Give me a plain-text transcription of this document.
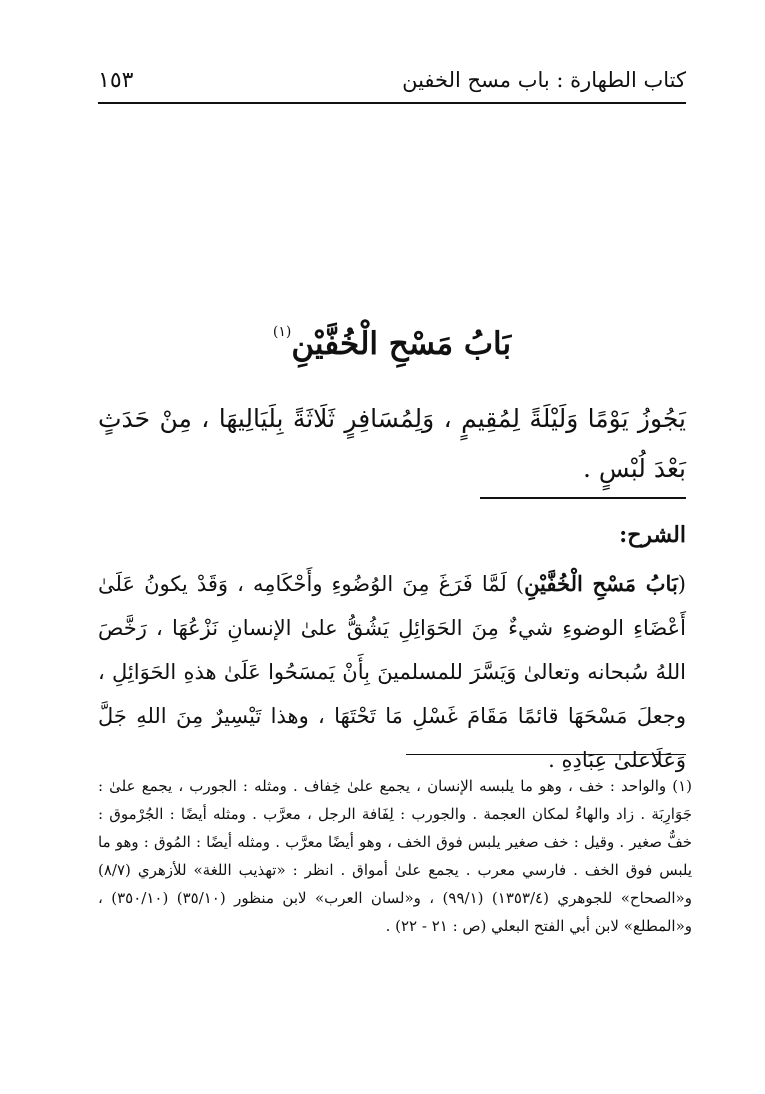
كتاب الطهارة : باب مسح الخفين
١٥٣
بَابُ مَسْحِ الْخُفَّيْنِ$^{(١)}$
يَجُوزُ يَوْمًا وَلَيْلَةً لِمُقِيمٍ ، وَلِمُسَافِرٍ ثَلَاثَةً بِلَيَالِيهَا ، مِنْ حَدَثٍ بَعْدَ لُبْسٍ .
الشرح:
(بَابُ مَسْحِ الْخُفَّيْنِ) لَمَّا فَرَغَ مِنَ الوُضُوءِ وأَحْكَامِه ، وَقَدْ يكونُ عَلَىٰ أَعْضَاءِ الوضوءِ شيءٌ مِنَ الحَوَائِلِ يَشُقُّ علىٰ الإنسانِ نَزْعُهَا ، رَخَّصَ اللهُ سُبحانه وتعالىٰ وَيَسَّرَ للمسلمينَ بِأَنْ يَمسَحُوا عَلَىٰ هذهِ الحَوَائِلِ ، وجعلَ مَسْحَهَا قائمًا مَقَامَ غَسْلِ مَا تَحْتَهَا ، وهذا تَيْسِيرٌ مِنَ اللهِ جَلَّ وَعَلَاعلىٰ عِبَادِهِ .
(١) والواحد : خف ، وهو ما يلبسه الإنسان ، يجمع علىٰ خِفاف . ومثله : الجورب ، يجمع علىٰ : جَوَارِبَة . زاد والهاءُ لمكان العجمة . والجورب : لِفَافة الرجل ، معرَّب . ومثله أيضًا : الجُرْموق : خفٌّ صغير . وقيل : خف صغير يلبس فوق الخف ، وهو أيضًا معرَّب . ومثله أيضًا : المُوق : وهو ما يلبس فوق الخف . فارسي معرب . يجمع علىٰ أمواق . انظر : «تهذيب اللغة» للأزهري (٨/٧) و«الصحاح» للجوهري (١٣٥٣/٤) (٩٩/١) ، و«لسان العرب» لابن منظور (٣٥/١٠) (٣٥٠/١٠) ، و«المطلع» لابن أبي الفتح البعلي (ص : ٢١ - ٢٢) .
